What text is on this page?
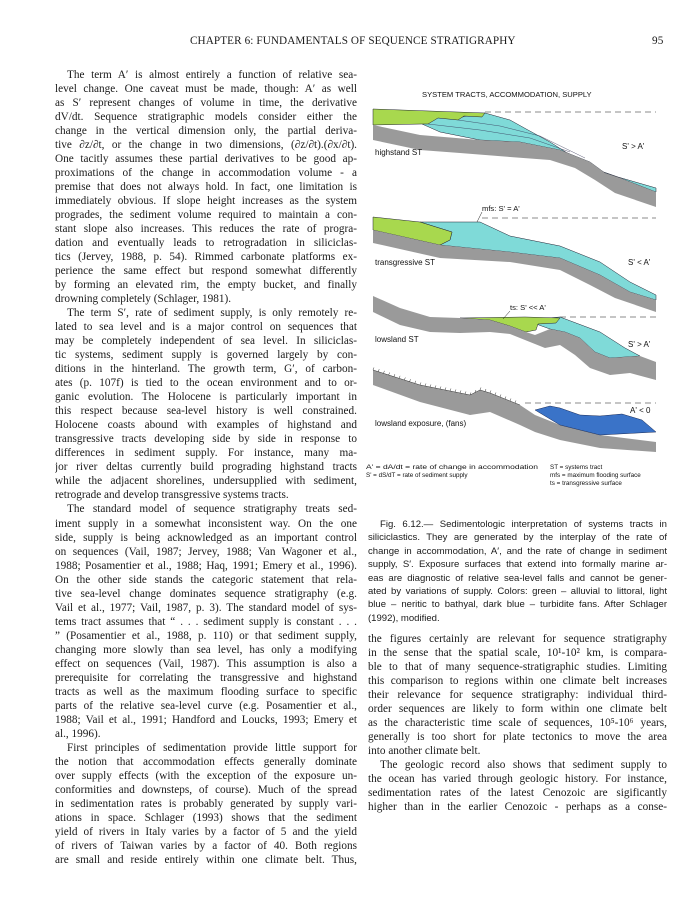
CHAPTER 6: FUNDAMENTALS OF SEQUENCE STRATIGRAPHY	95
The term A′ is almost entirely a function of relative sea-
level change. One caveat must be made, though: A′ as well
as S′ represent changes of volume in time, the derivative
dV/dt. Sequence stratigraphic models consider either the
change in the vertical dimension only, the partial deriva-
tive ∂z/∂t, or the change in two dimensions, (∂z/∂t).(∂x/∂t).
One tacitly assumes these partial derivatives to be good ap-
proximations of the change in accommodation volume - a
premise that does not always hold. In fact, one limitation is
immediately obvious. If slope height increases as the system
progrades, the sediment volume required to maintain a con-
stant slope also increases. This reduces the rate of progra-
dation and eventually leads to retrogradation in siliciclas-
tics (Jervey, 1988, p. 54). Rimmed carbonate platforms ex-
perience the same effect but respond somewhat differently
by forming an elevated rim, the empty bucket, and finally
drowning completely (Schlager, 1981).
The term S′, rate of sediment supply, is only remotely re-
lated to sea level and is a major control on sequences that
may be completely independent of sea level. In siliciclas-
tic systems, sediment supply is governed largely by con-
ditions in the hinterland. The growth term, G′, of carbon-
ates (p. 107f) is tied to the ocean environment and to or-
ganic evolution. The Holocene is particularly important in
this respect because sea-level history is well constrained.
Holocene coasts abound with examples of highstand and
transgressive tracts developing side by side in response to
differences in sediment supply. For instance, many ma-
jor river deltas currently build prograding highstand tracts
while the adjacent shorelines, undersupplied with sediment,
retrograde and develop transgressive systems tracts.
The standard model of sequence stratigraphy treats sed-
iment supply in a somewhat inconsistent way. On the one
side, supply is being acknowledged as an important control
on sequences (Vail, 1987; Jervey, 1988; Van Wagoner et al.,
1988; Posamentier et al., 1988; Haq, 1991; Emery et al., 1996).
On the other side stands the categoric statement that rela-
tive sea-level change dominates sequence stratigraphy (e.g.
Vail et al., 1977; Vail, 1987, p. 3). The standard model of sys-
tems tract assumes that “ . . . sediment supply is constant . . .
” (Posamentier et al., 1988, p. 110) or that sediment supply,
changing more slowly than sea level, has only a modifying
effect on sequences (Vail, 1987). This assumption is also a
prerequisite for correlating the transgressive and highstand
tracts as well as the maximum flooding surface to specific
parts of the relative sea-level curve (e.g. Posamentier et al.,
1988; Vail et al., 1991; Handford and Loucks, 1993; Emery et
al., 1996).
First principles of sedimentation provide little support for
the notion that accommodation effects generally dominate
over supply effects (with the exception of the exposure un-
conformities and downsteps, of course). Much of the spread
in sedimentation rates is probably generated by supply vari-
ations in space. Schlager (1993) shows that the sediment
yield of rivers in Italy varies by a factor of 5 and the yield
of rivers of Taiwan varies by a factor of 40. Both regions
are small and reside entirely within one climate belt. Thus,
SYSTEM TRACTS, ACCOMMODATION, SUPPLY
highstand ST
S' > A'
mfs: S' = A'
transgressive ST	S' < A'
ts: S' << A'
lowsland ST
S' > A'
lowsland exposure, (fans)
A' < 0
A' = dA/dt = rate of change in accommodation
S' = dS/dT = rate of sediment supply
ST = systems tract
mfs = maximum flooding surface
ts = transgressive surface
Fig. 6.12.— Sedimentologic interpretation of systems tracts in
siliciclastics. They are generated by the interplay of the rate of
change in accommodation, A′, and the rate of change in sediment
supply, S′. Exposure surfaces that extend into formally marine ar-
eas are diagnostic of relative sea-level falls and cannot be gener-
ated by variations of supply. Colors: green – alluvial to littoral, light
blue – neritic to bathyal, dark blue – turbidite fans. After Schlager
(1992), modified.
the figures certainly are relevant for sequence stratigraphy
in the sense that the spatial scale, 10¹-10² km, is compara-
ble to that of many sequence-stratigraphic studies. Limiting
this comparison to regions within one climate belt increases
their relevance for sequence stratigraphy: individual third-
order sequences are likely to form within one climate belt
as the characteristic time scale of sequences, 10⁵-10⁶ years,
generally is too short for plate tectonics to move the area
into another climate belt.
The geologic record also shows that sediment supply to
the ocean has varied through geologic history. For instance,
sedimentation rates of the latest Cenozoic are sigificantly
higher than in the earlier Cenozoic - perhaps as a conse-
